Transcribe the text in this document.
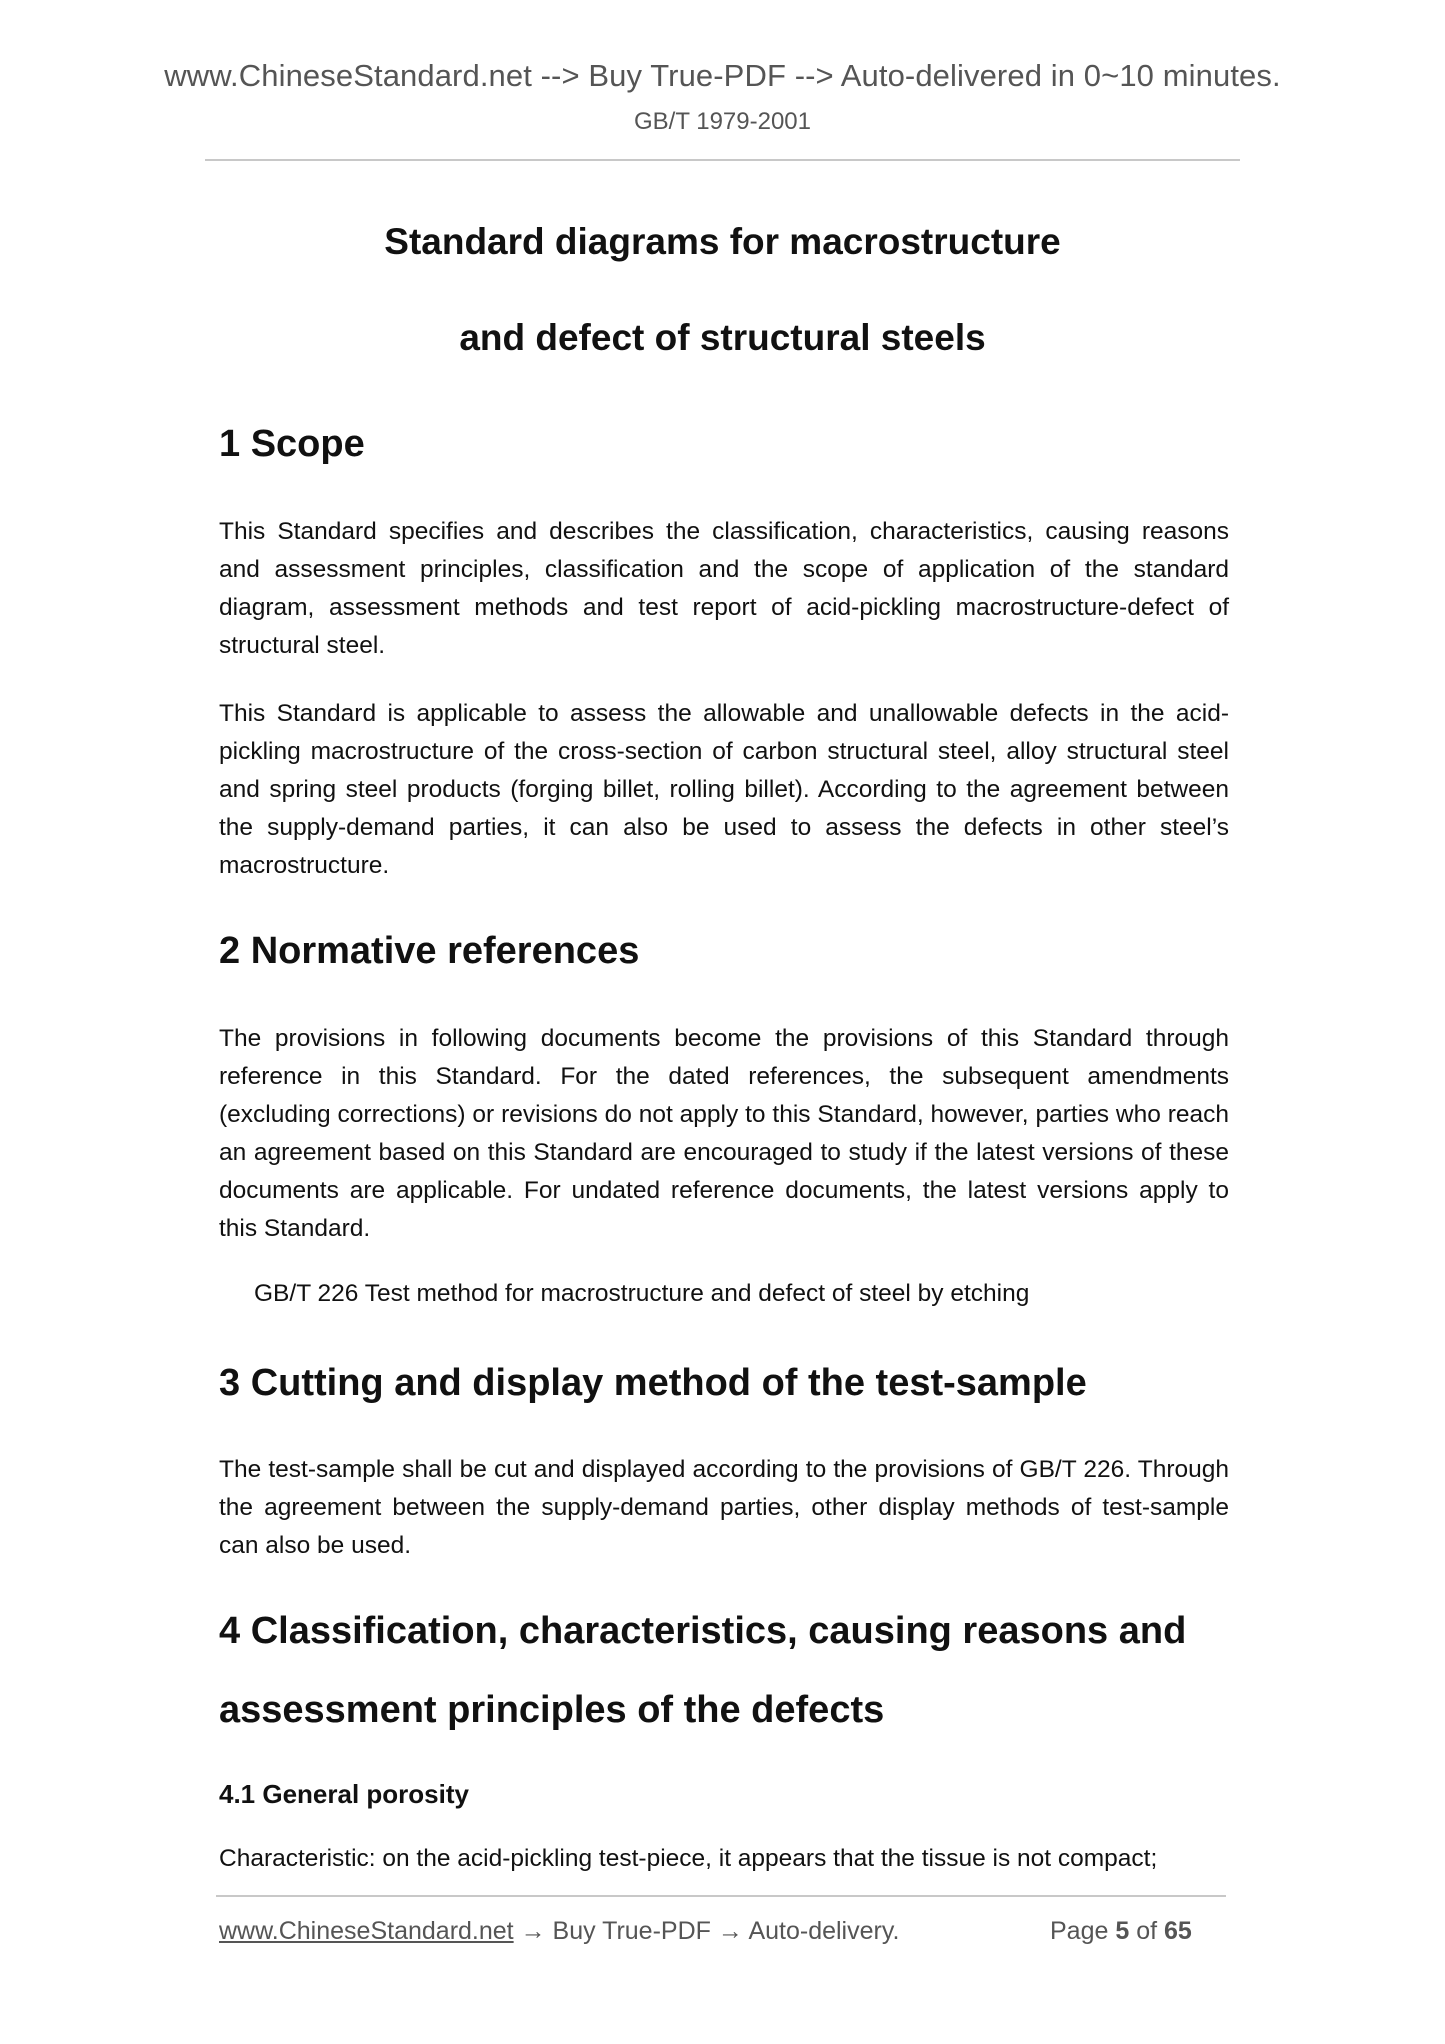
www.ChineseStandard.net --> Buy True-PDF --> Auto-delivered in 0~10 minutes.
GB/T 1979-2001
Standard diagrams for macrostructure
and defect of structural steels
1 Scope

This Standard specifies and describes the classification, characteristics, causing reasons and assessment principles, classification and the scope of application of the standard diagram, assessment methods and test report of acid-pickling macrostructure-defect of structural steel.

This Standard is applicable to assess the allowable and unallowable defects in the acid-pickling macrostructure of the cross-section of carbon structural steel, alloy structural steel and spring steel products (forging billet, rolling billet). According to the agreement between the supply-demand parties, it can also be used to assess the defects in other steel’s macrostructure.

2 Normative references

The provisions in following documents become the provisions of this Standard through reference in this Standard. For the dated references, the subsequent amendments (excluding corrections) or revisions do not apply to this Standard, however, parties who reach an agreement based on this Standard are encouraged to study if the latest versions of these documents are applicable. For undated reference documents, the latest versions apply to this Standard.

GB/T 226 Test method for macrostructure and defect of steel by etching
3 Cutting and display method of the test-sample

The test-sample shall be cut and displayed according to the provisions of GB/T 226. Through the agreement between the supply-demand parties, other display methods of test-sample can also be used.

4 Classification, characteristics, causing reasons and
assessment principles of the defects
4.1 General porosity

Characteristic: on the acid-pickling test-piece, it appears that the tissue is not compact;

www.ChineseStandard.net → Buy True-PDF → Auto-delivery.	Page 5 of 65
